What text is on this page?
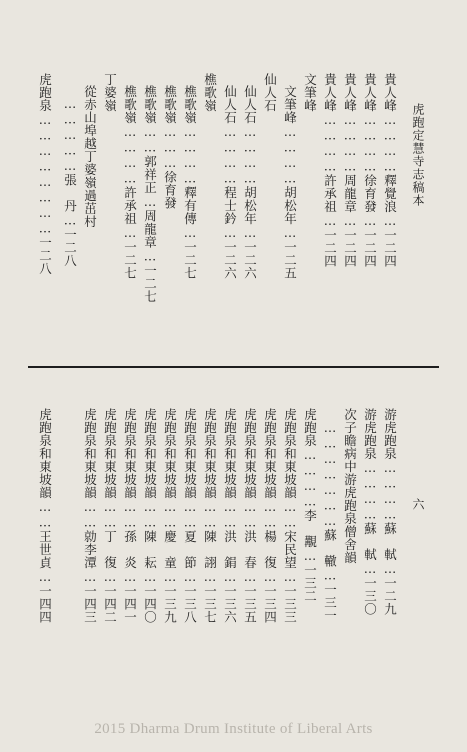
虎跑定慧寺志稿本
六
貴人峰…………釋覺浪…一二四
貴人峰…………徐育發…一二四
貴人峰…………周龍章…一二四
貴人峰…………許承祖…一二四
文筆峰
文筆峰…………胡松年…一二五
仙人石
仙人石…………胡松年…一二六
仙人石…………程士鈐…一二六
樵歌嶺
樵歌嶺…………釋有傳…一二七
樵歌嶺………徐育發
樵歌嶺……郭祥正…周龍章…一二七
樵歌嶺…………許承祖…一二七
丁婆嶺
從赤山埠越丁婆嶺過茁村
……………張　丹…一二八
虎跑泉……………………一二八
游虎跑泉…………蘇　軾…一二九
游虎跑泉…………蘇　軾…一三〇
次子瞻病中游虎跑泉僧舍韻
…………………蘇　轍…一三一
虎跑泉…………李　覯…一三二
虎跑泉和東坡韻……宋民望…一三三
虎跑泉和東坡韻……楊　復…一三四
虎跑泉和東坡韻……洪　春…一三五
虎跑泉和東坡韻……洪　鋗…一三六
虎跑泉和東坡韻……陳　詡…一三七
虎跑泉和東坡韻……夏　節…一三八
虎跑泉和東坡韻……慶　童…一三九
虎跑泉和東坡韻……陳　耘…一四〇
虎跑泉和東坡韻……孫　炎…一四一
虎跑泉和東坡韻……丁　復…一四二
虎跑泉和東坡韻……勍李潭…一四三
虎跑泉和東坡韻……王世貞…一四四
2015 Dharma Drum Institute of Liberal Arts
